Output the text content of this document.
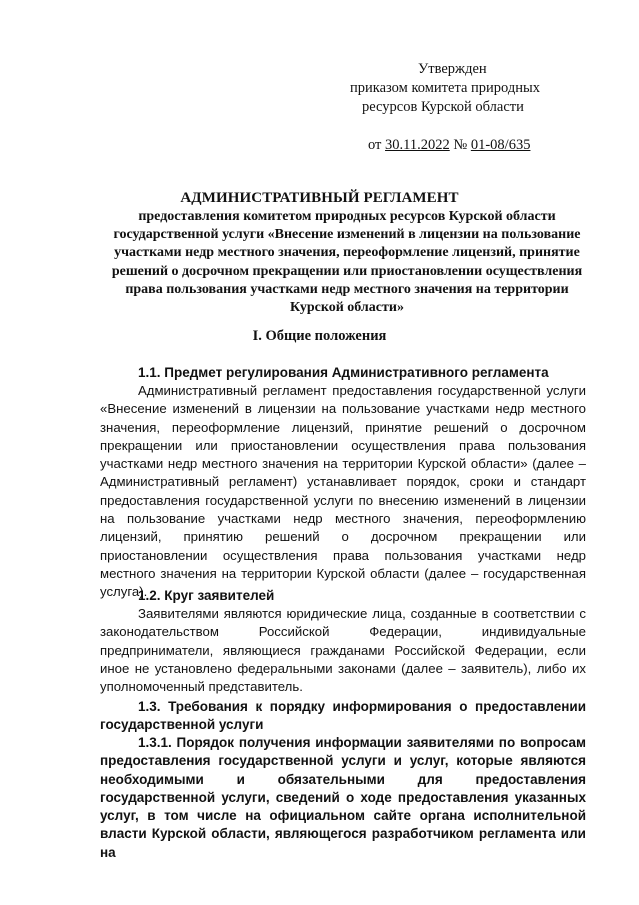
Утвержден
приказом комитета природных
ресурсов Курской области
от 30.11.2022 № 01-08/635
АДМИНИСТРАТИВНЫЙ РЕГЛАМЕНТ
предоставления комитетом природных ресурсов Курской области государственной услуги «Внесение изменений в лицензии на пользование участками недр местного значения, переоформление лицензий, принятие решений о досрочном прекращении или приостановлении осуществления права пользования участками недр местного значения на территории Курской области»
I. Общие положения
1.1. Предмет регулирования Административного регламента
Административный регламент предоставления государственной услуги «Внесение изменений в лицензии на пользование участками недр местного значения, переоформление лицензий, принятие решений о досрочном прекращении или приостановлении осуществления права пользования участками недр местного значения на территории Курской области» (далее – Административный регламент) устанавливает порядок, сроки и стандарт предоставления государственной услуги по внесению изменений в лицензии на пользование участками недр местного значения, переоформлению лицензий, принятию решений о досрочном прекращении или приостановлении осуществления права пользования участками недр местного значения на территории Курской области (далее – государственная услуга).
1.2. Круг заявителей
Заявителями являются юридические лица, созданные в соответствии с законодательством Российской Федерации, индивидуальные предприниматели, являющиеся гражданами Российской Федерации, если иное не установлено федеральными законами (далее – заявитель), либо их уполномоченный представитель.
1.3. Требования к порядку информирования о предоставлении государственной услуги
1.3.1. Порядок получения информации заявителями по вопросам предоставления государственной услуги и услуг, которые являются необходимыми и обязательными для предоставления государственной услуги, сведений о ходе предоставления указанных услуг, в том числе на официальном сайте органа исполнительной власти Курской области, являющегося разработчиком регламента или на
